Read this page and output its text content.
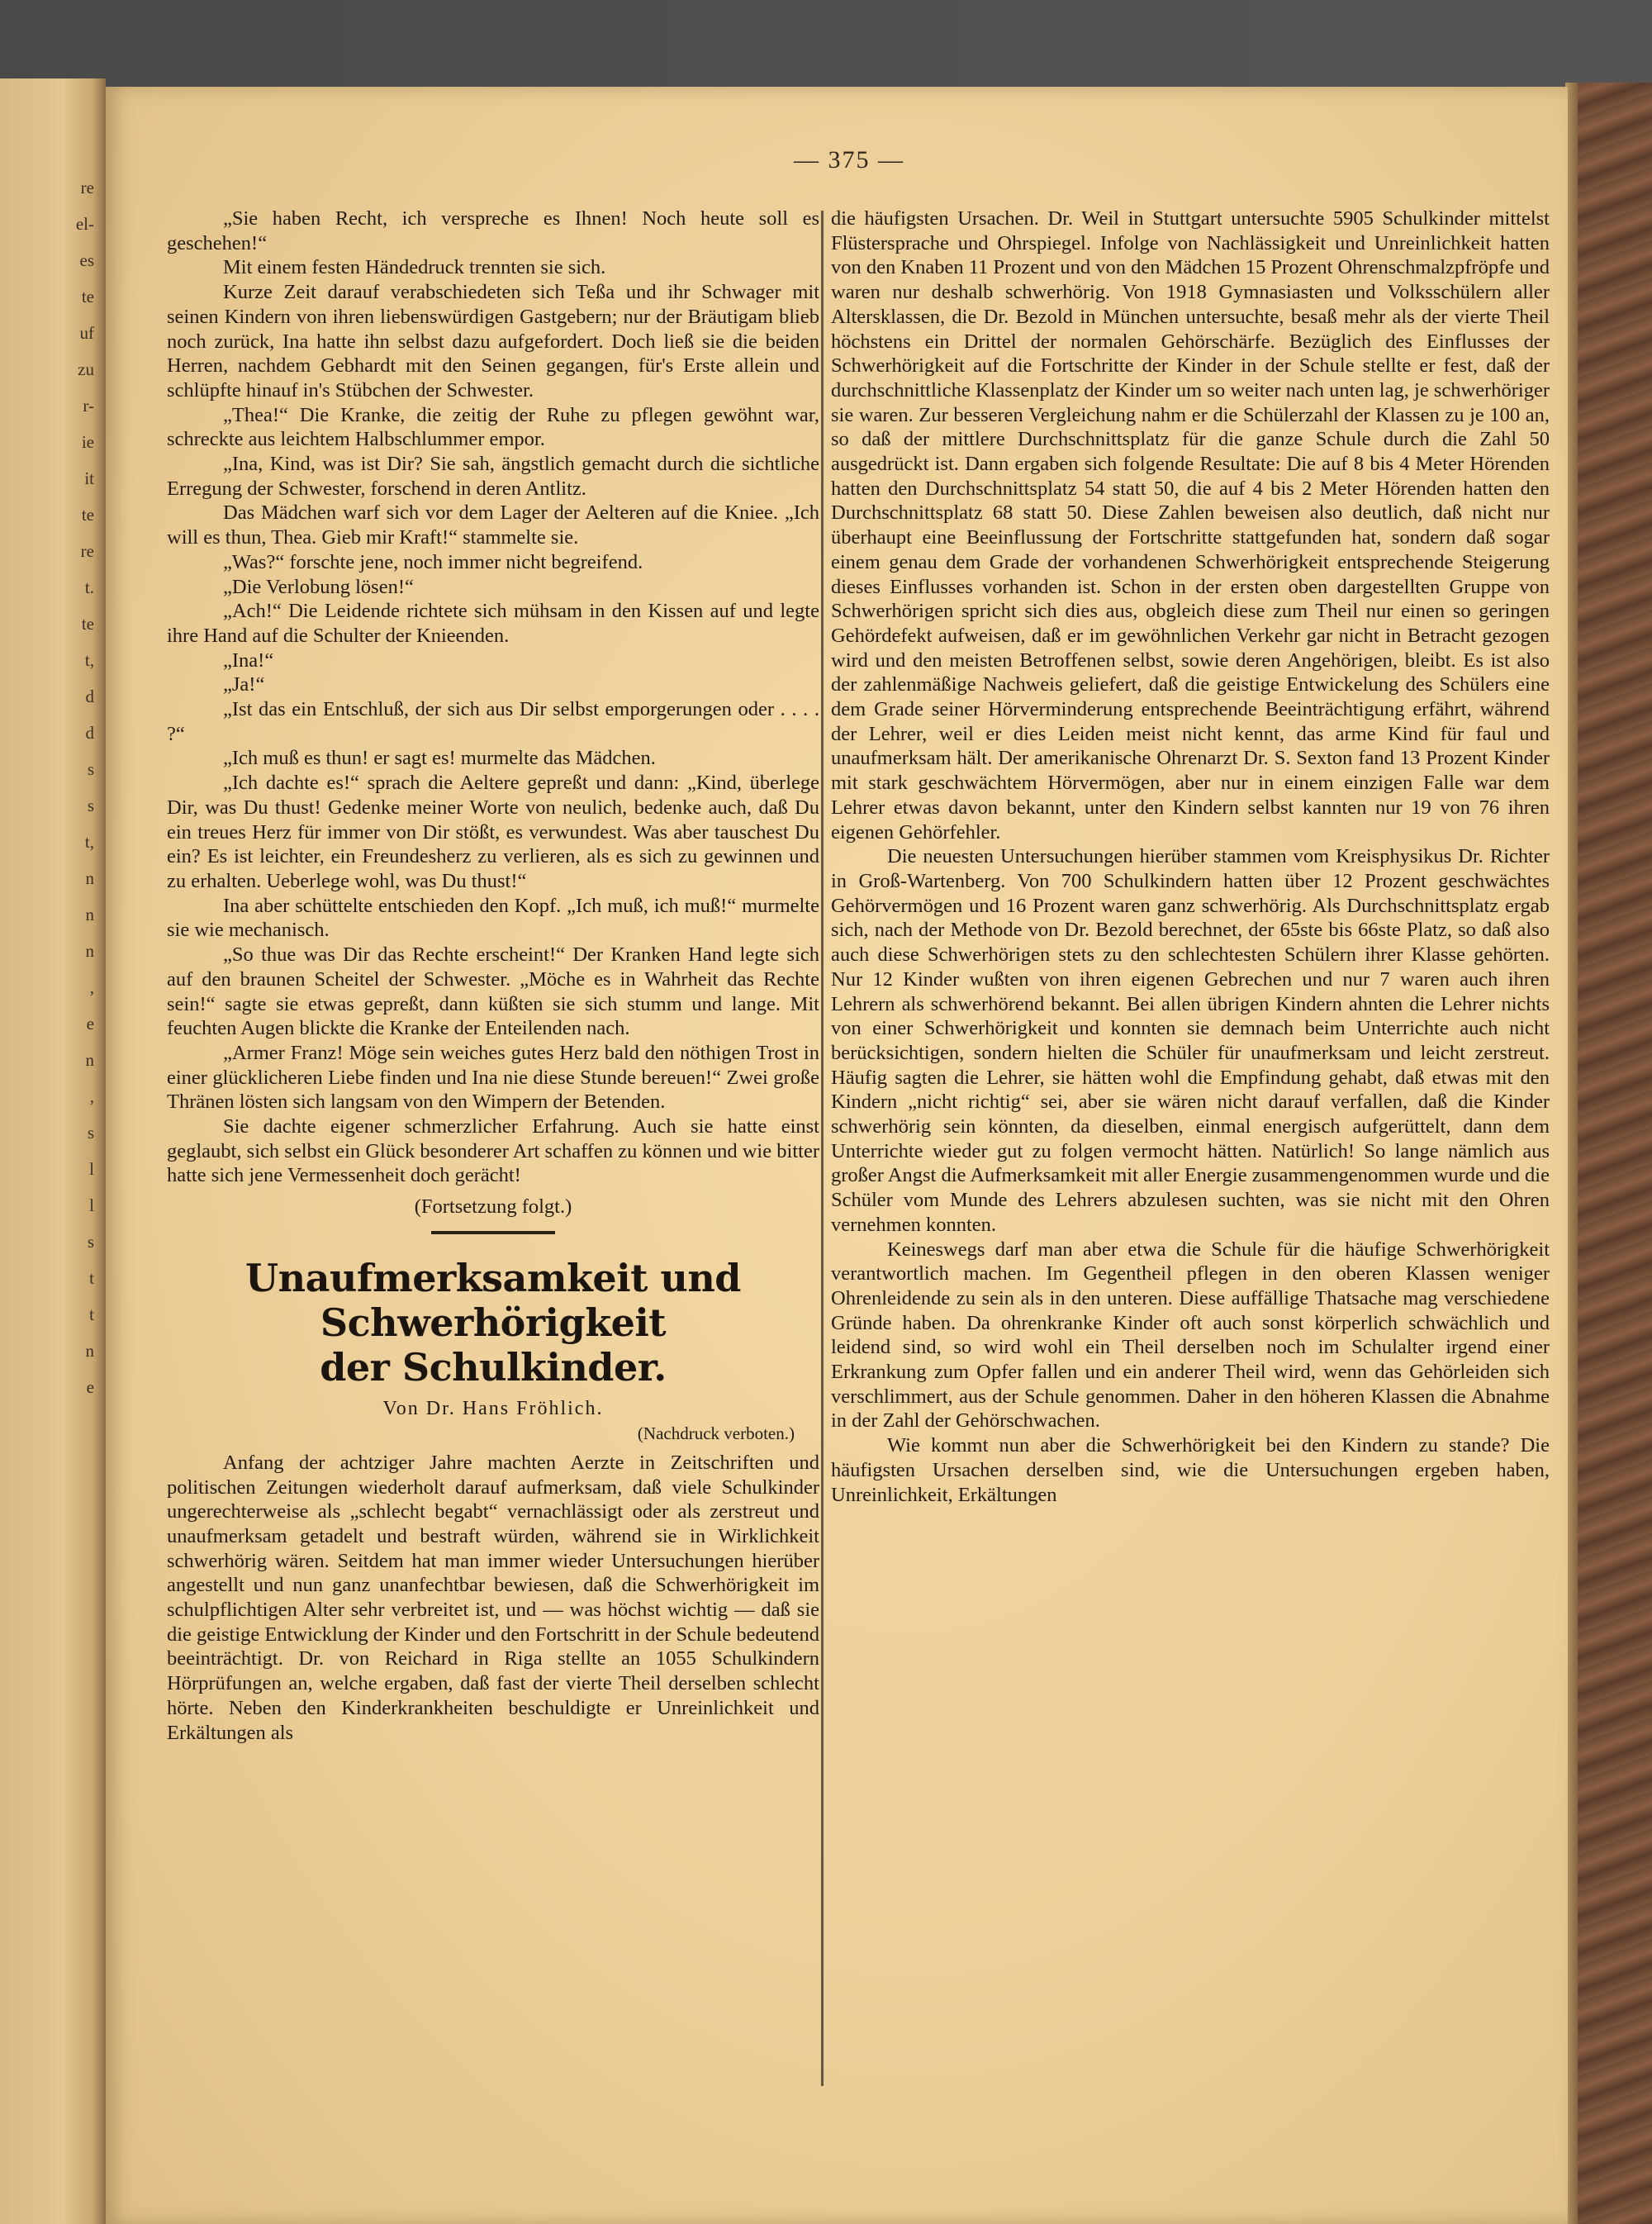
re
el-
es
te
uf
zu
r-
ie
it
te
re
t.
te
t,
d
d
s
s
t,
n
n
n
,
e
n
,
s
l
l
s
t
t
n
e
— 375 —

„Sie haben Recht, ich verspreche es Ihnen! Noch heute soll es geschehen!“

Mit einem festen Händedruck trennten sie sich.

Kurze Zeit darauf verabschiedeten sich Teßa und ihr Schwager mit seinen Kindern von ihren liebenswürdigen Gastgebern; nur der Bräutigam blieb noch zurück, Ina hatte ihn selbst dazu aufgefordert. Doch ließ sie die beiden Herren, nachdem Gebhardt mit den Seinen gegangen, für's Erste allein und schlüpfte hinauf in's Stübchen der Schwester.

„Thea!“ Die Kranke, die zeitig der Ruhe zu pflegen gewöhnt war, schreckte aus leichtem Halbschlummer empor.

„Ina, Kind, was ist Dir? Sie sah, ängstlich gemacht durch die sichtliche Erregung der Schwester, forschend in deren Antlitz.

Das Mädchen warf sich vor dem Lager der Aelteren auf die Kniee. „Ich will es thun, Thea. Gieb mir Kraft!“ stammelte sie.

„Was?“ forschte jene, noch immer nicht begreifend.

„Die Verlobung lösen!“

„Ach!“ Die Leidende richtete sich mühsam in den Kissen auf und legte ihre Hand auf die Schulter der Knieenden.

„Ina!“

„Ja!“

„Ist das ein Entschluß, der sich aus Dir selbst emporgerungen oder . . . . ?“

„Ich muß es thun! er sagt es! murmelte das Mädchen.

„Ich dachte es!“ sprach die Aeltere gepreßt und dann: „Kind, überlege Dir, was Du thust! Gedenke meiner Worte von neulich, bedenke auch, daß Du ein treues Herz für immer von Dir stößt, es verwundest. Was aber tauschest Du ein? Es ist leichter, ein Freundesherz zu verlieren, als es sich zu gewinnen und zu erhalten. Ueberlege wohl, was Du thust!“

Ina aber schüttelte entschieden den Kopf. „Ich muß, ich muß!“ murmelte sie wie mechanisch.

„So thue was Dir das Rechte erscheint!“ Der Kranken Hand legte sich auf den braunen Scheitel der Schwester. „Möche es in Wahrheit das Rechte sein!“ sagte sie etwas gepreßt, dann küßten sie sich stumm und lange. Mit feuchten Augen blickte die Kranke der Enteilenden nach.

„Armer Franz! Möge sein weiches gutes Herz bald den nöthigen Trost in einer glücklicheren Liebe finden und Ina nie diese Stunde bereuen!“ Zwei große Thränen lösten sich langsam von den Wimpern der Betenden.

Sie dachte eigener schmerzlicher Erfahrung. Auch sie hatte einst geglaubt, sich selbst ein Glück besonderer Art schaffen zu können und wie bitter hatte sich jene Vermessenheit doch gerächt!

(Fortsetzung folgt.)

Unaufmerksamkeit und Schwerhörigkeit
der Schulkinder.
Von Dr. Hans Fröhlich.
(Nachdruck verboten.)

Anfang der achtziger Jahre machten Aerzte in Zeitschriften und politischen Zeitungen wiederholt darauf aufmerksam, daß viele Schulkinder ungerechterweise als „schlecht begabt“ vernachlässigt oder als zerstreut und unaufmerksam getadelt und bestraft würden, während sie in Wirklichkeit schwerhörig wären. Seitdem hat man immer wieder Untersuchungen hierüber angestellt und nun ganz unanfechtbar bewiesen, daß die Schwerhörigkeit im schulpflichtigen Alter sehr verbreitet ist, und — was höchst wichtig — daß sie die geistige Entwicklung der Kinder und den Fortschritt in der Schule bedeutend beeinträchtigt. Dr. von Reichard in Riga stellte an 1055 Schulkindern Hörprüfungen an, welche ergaben, daß fast der vierte Theil derselben schlecht hörte. Neben den Kinderkrankheiten beschuldigte er Unreinlichkeit und Erkältungen als

die häufigsten Ursachen. Dr. Weil in Stuttgart untersuchte 5905 Schulkinder mittelst Flüstersprache und Ohrspiegel. Infolge von Nachlässigkeit und Unreinlichkeit hatten von den Knaben 11 Prozent und von den Mädchen 15 Prozent Ohrenschmalzpfröpfe und waren nur deshalb schwerhörig. Von 1918 Gymnasiasten und Volksschülern aller Altersklassen, die Dr. Bezold in München untersuchte, besaß mehr als der vierte Theil höchstens ein Drittel der normalen Gehörschärfe. Bezüglich des Einflusses der Schwerhörigkeit auf die Fortschritte der Kinder in der Schule stellte er fest, daß der durchschnittliche Klassenplatz der Kinder um so weiter nach unten lag, je schwerhöriger sie waren. Zur besseren Vergleichung nahm er die Schülerzahl der Klassen zu je 100 an, so daß der mittlere Durchschnittsplatz für die ganze Schule durch die Zahl 50 ausgedrückt ist. Dann ergaben sich folgende Resultate: Die auf 8 bis 4 Meter Hörenden hatten den Durchschnittsplatz 54 statt 50, die auf 4 bis 2 Meter Hörenden hatten den Durchschnittsplatz 68 statt 50. Diese Zahlen beweisen also deutlich, daß nicht nur überhaupt eine Beeinflussung der Fortschritte stattgefunden hat, sondern daß sogar einem genau dem Grade der vorhandenen Schwerhörigkeit entsprechende Steigerung dieses Einflusses vorhanden ist. Schon in der ersten oben dargestellten Gruppe von Schwerhörigen spricht sich dies aus, obgleich diese zum Theil nur einen so geringen Gehördefekt aufweisen, daß er im gewöhnlichen Verkehr gar nicht in Betracht gezogen wird und den meisten Betroffenen selbst, sowie deren Angehörigen, bleibt. Es ist also der zahlenmäßige Nachweis geliefert, daß die geistige Entwickelung des Schülers eine dem Grade seiner Hörverminderung entsprechende Beeinträchtigung erfährt, während der Lehrer, weil er dies Leiden meist nicht kennt, das arme Kind für faul und unaufmerksam hält. Der amerikanische Ohrenarzt Dr. S. Sexton fand 13 Prozent Kinder mit stark geschwächtem Hörvermögen, aber nur in einem einzigen Falle war dem Lehrer etwas davon bekannt, unter den Kindern selbst kannten nur 19 von 76 ihren eigenen Gehörfehler.

Die neuesten Untersuchungen hierüber stammen vom Kreisphysikus Dr. Richter in Groß-Wartenberg. Von 700 Schulkindern hatten über 12 Prozent geschwächtes Gehörvermögen und 16 Prozent waren ganz schwerhörig. Als Durchschnittsplatz ergab sich, nach der Methode von Dr. Bezold berechnet, der 65ste bis 66ste Platz, so daß also auch diese Schwerhörigen stets zu den schlechtesten Schülern ihrer Klasse gehörten. Nur 12 Kinder wußten von ihren eigenen Gebrechen und nur 7 waren auch ihren Lehrern als schwerhörend bekannt. Bei allen übrigen Kindern ahnten die Lehrer nichts von einer Schwerhörigkeit und konnten sie demnach beim Unterrichte auch nicht berücksichtigen, sondern hielten die Schüler für unaufmerksam und leicht zerstreut. Häufig sagten die Lehrer, sie hätten wohl die Empfindung gehabt, daß etwas mit den Kindern „nicht richtig“ sei, aber sie wären nicht darauf verfallen, daß die Kinder schwerhörig sein könnten, da dieselben, einmal energisch aufgerüttelt, dann dem Unterrichte wieder gut zu folgen vermocht hätten. Natürlich! So lange nämlich aus großer Angst die Aufmerksamkeit mit aller Energie zusammengenommen wurde und die Schüler vom Munde des Lehrers abzulesen suchten, was sie nicht mit den Ohren vernehmen konnten.

Keineswegs darf man aber etwa die Schule für die häufige Schwerhörigkeit verantwortlich machen. Im Gegentheil pflegen in den oberen Klassen weniger Ohrenleidende zu sein als in den unteren. Diese auffällige Thatsache mag verschiedene Gründe haben. Da ohrenkranke Kinder oft auch sonst körperlich schwächlich und leidend sind, so wird wohl ein Theil derselben noch im Schulalter irgend einer Erkrankung zum Opfer fallen und ein anderer Theil wird, wenn das Gehörleiden sich verschlimmert, aus der Schule genommen. Daher in den höheren Klassen die Abnahme in der Zahl der Gehörschwachen.

Wie kommt nun aber die Schwerhörigkeit bei den Kindern zu stande? Die häufigsten Ursachen derselben sind, wie die Untersuchungen ergeben haben, Unreinlichkeit, Erkältungen
